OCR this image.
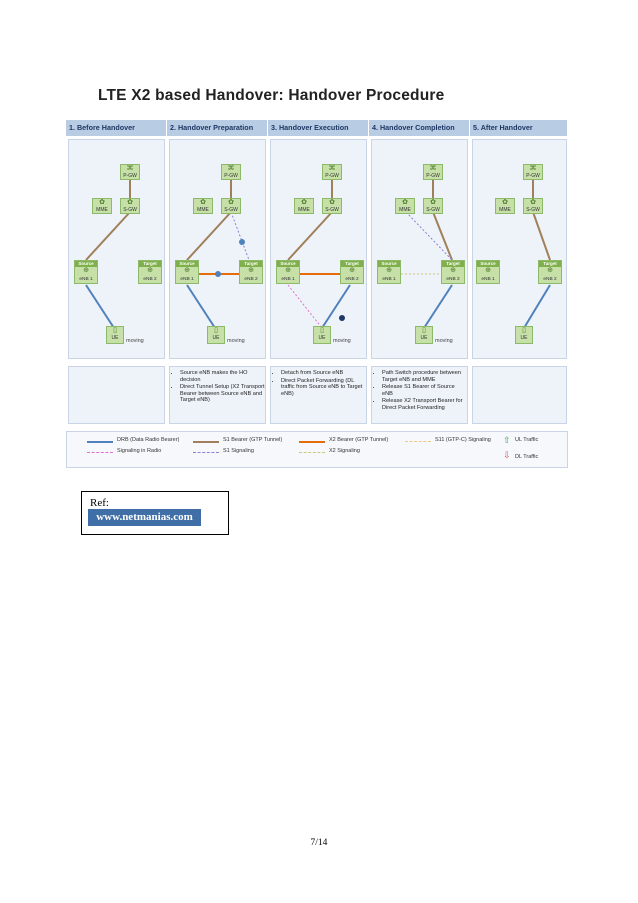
LTE X2 based Handover: Handover Procedure
1. Before Handover	2. Handover Preparation	3. Handover Execution	4. Handover Completion	5. After Handover
⌘
P-GW
✿
S-GW
✿
MME
Source
⊕
eNB 1
Target
⊕
eNB 2
▯
UE	moving
⌘
P-GW
✿
S-GW
✿
MME
Source
⊕
eNB 1
Target
⊕
eNB 2
▯
UE	moving
⌘
P-GW
✿
S-GW
✿
MME
Source
⊕
eNB 1
Target
⊕
eNB 2
▯
UE	moving
⌘
P-GW
✿
S-GW
✿
MME
Source
⊕
eNB 1
Target
⊕
eNB 2
▯
UE	moving
⌘
P-GW
✿
S-GW
✿
MME
Source
⊕
eNB 1
Target
⊕
eNB 2
▯
UE
• Source eNB makes the HO decision
• Direct Tunnel Setup (X2 Transport Bearer between Source eNB and Target eNB)
• Detach from Source eNB
• Direct Packet Forwarding (DL traffic from Source eNB to Target eNB)
• Path Switch procedure between Target eNB and MME
• Release S1 Bearer of Source eNB
• Release X2 Transport Bearer for Direct Packet Forwarding
DRB (Data Radio Bearer)	S1 Bearer (GTP Tunnel)	X2 Bearer (GTP Tunnel)	S11 (GTP-C) Signaling ⇧ UL Traffic
Signaling in Radio	S1 Signaling	X2 Signaling	⇩ DL Traffic
Ref:
www.netmanias.com
7/14
